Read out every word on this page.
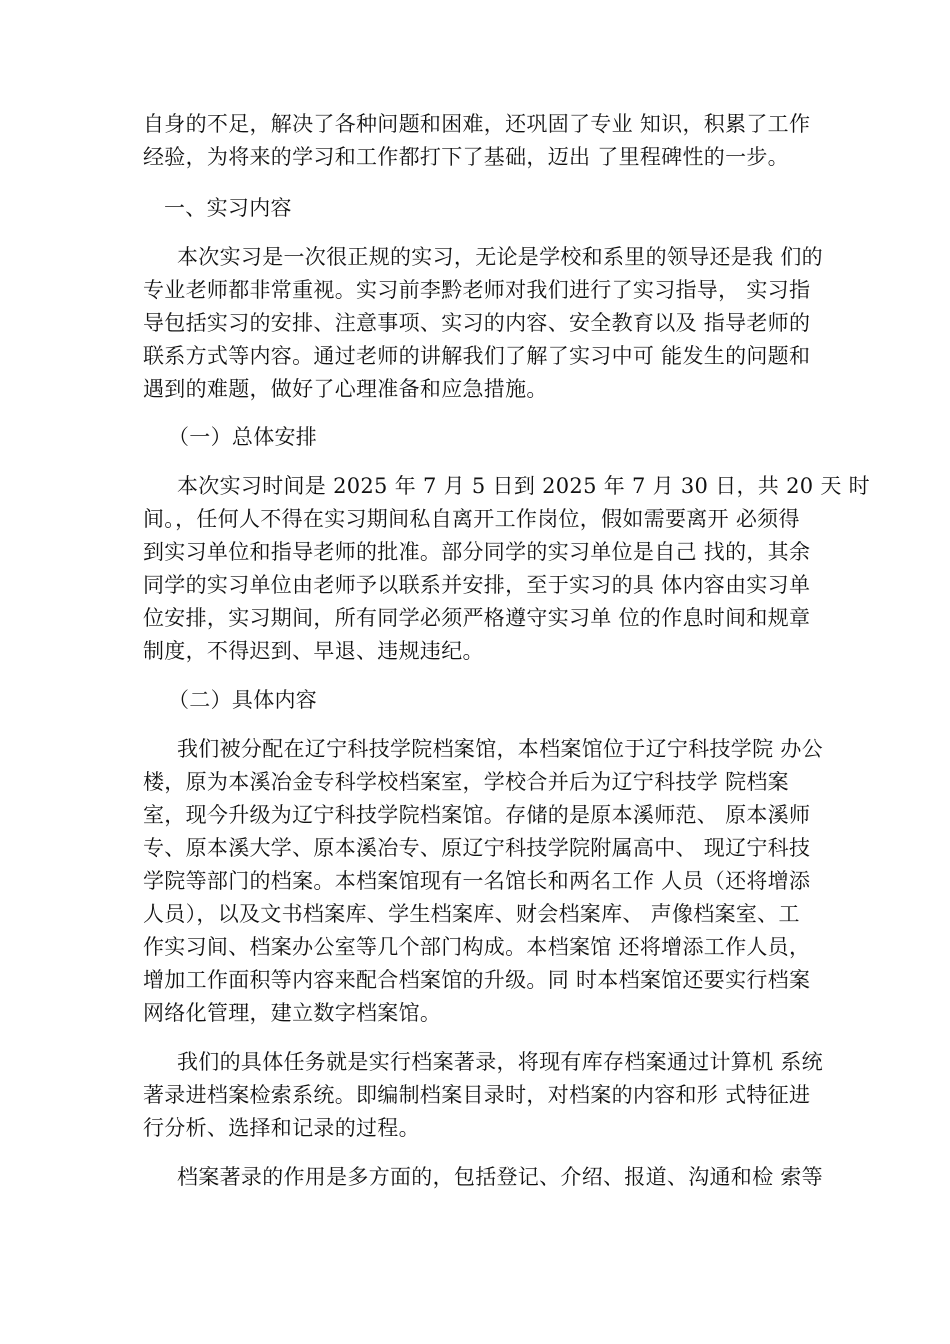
自身的不足，解决了各种问题和困难，还巩固了专业 知识，积累了工作

经验，为将来的学习和工作都打下了基础，迈出 了里程碑性的一步。

一、实习内容

本次实习是一次很正规的实习，无论是学校和系里的领导还是我 们的

专业老师都非常重视。实习前李黔老师对我们进行了实习指导， 实习指

导包括实习的安排、注意事项、实习的内容、安全教育以及 指导老师的

联系方式等内容。通过老师的讲解我们了解了实习中可 能发生的问题和

遇到的难题，做好了心理准备和应急措施。

（一）总体安排

本次实习时间是 2025 年 7 月 5 日到 2025 年 7 月 30 日，共 20 天 时

间。，任何人不得在实习期间私自离开工作岗位，假如需要离开 必须得

到实习单位和指导老师的批准。部分同学的实习单位是自己 找的，其余

同学的实习单位由老师予以联系并安排，至于实习的具 体内容由实习单

位安排，实习期间，所有同学必须严格遵守实习单 位的作息时间和规章

制度，不得迟到、早退、违规违纪。

（二）具体内容

我们被分配在辽宁科技学院档案馆，本档案馆位于辽宁科技学院 办公

楼，原为本溪冶金专科学校档案室，学校合并后为辽宁科技学 院档案

室，现今升级为辽宁科技学院档案馆。存储的是原本溪师范、 原本溪师

专、原本溪大学、原本溪冶专、原辽宁科技学院附属高中、 现辽宁科技

学院等部门的档案。本档案馆现有一名馆长和两名工作 人员（还将增添

人员），以及文书档案库、学生档案库、财会档案库、 声像档案室、工

作实习间、档案办公室等几个部门构成。本档案馆 还将增添工作人员，

增加工作面积等内容来配合档案馆的升级。同 时本档案馆还要实行档案

网络化管理，建立数字档案馆。

我们的具体任务就是实行档案著录，将现有库存档案通过计算机 系统

著录进档案检索系统。即编制档案目录时，对档案的内容和形 式特征进

行分析、选择和记录的过程。

档案著录的作用是多方面的，包括登记、介绍、报道、沟通和检 索等
